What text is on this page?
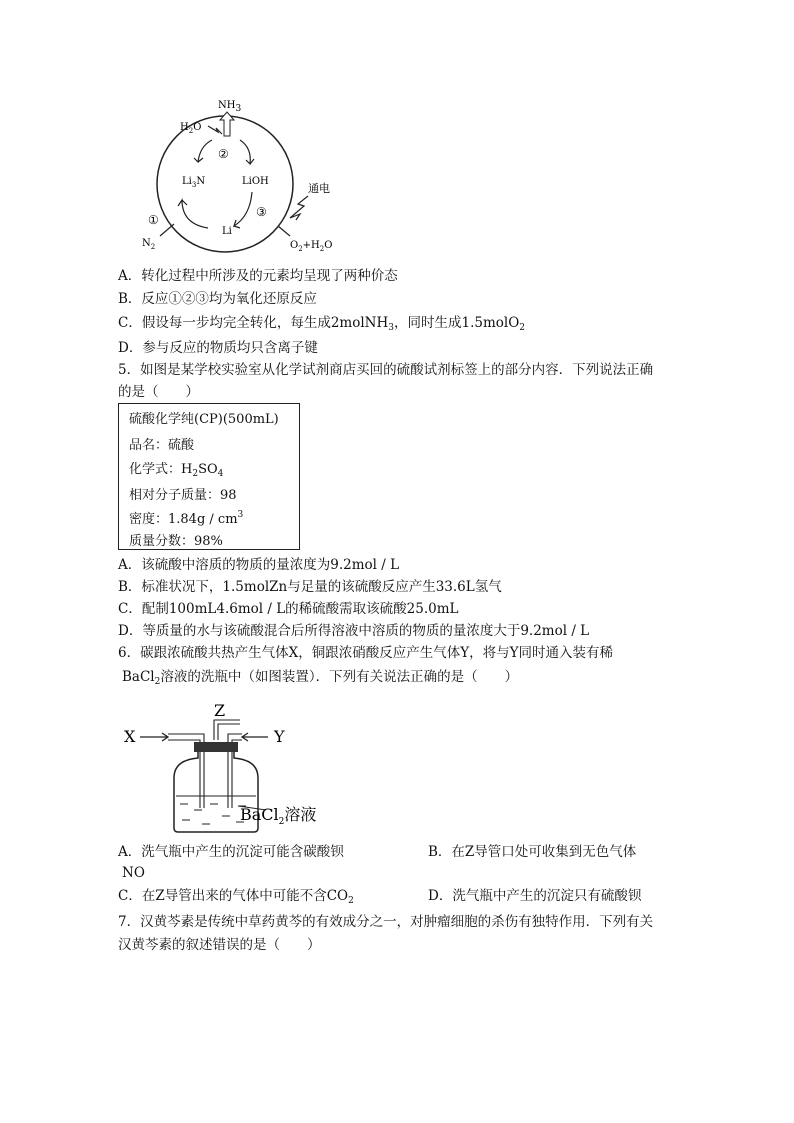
NH3
$H_2O$
②
$Li_3N$	LiOH
③
Li
①
$N_2$
通电
$O_2+H_2O$
A．转化过程中所涉及的元素均呈现了两种价态
B．反应①②③均为氧化还原反应
C．假设每一步均完全转化，每生成2molNH$_3$，同时生成1.5molO$_2$
D．参与反应的物质均只含离子键
5．如图是某学校实验室从化学试剂商店买回的硫酸试剂标签上的部分内容．下列说法正确
的是（　　）
硫酸化学纯(CP)(500mL)
品名：硫酸
化学式：$H_2SO_4$
相对分子质量：98
密度：$1.84g / cm^3$
质量分数：98%
A．该硫酸中溶质的物质的量浓度为9.2mol / L
B．标准状况下，1.5molZn与足量的该硫酸反应产生33.6L氢气
C．配制100mL4.6mol / L的稀硫酸需取该硫酸25.0mL
D．等质量的水与该硫酸混合后所得溶液中溶质的物质的量浓度大于9.2mol / L
6．碳跟浓硫酸共热产生气体X，铜跟浓硝酸反应产生气体Y，将与Y同时通入装有稀
BaCl$_2$溶液的洗瓶中（如图装置）．下列有关说法正确的是（　　）
X	Y
Z
BaCl$_2$溶液
A．洗气瓶中产生的沉淀可能含碳酸钡	B．在Z导管口处可收集到无色气体
NO
C．在Z导管出来的气体中可能不含$CO_2$	D．洗气瓶中产生的沉淀只有硫酸钡
7．汉黄芩素是传统中草药黄芩的有效成分之一，对肿瘤细胞的杀伤有独特作用．下列有关
汉黄芩素的叙述错误的是（　　）
